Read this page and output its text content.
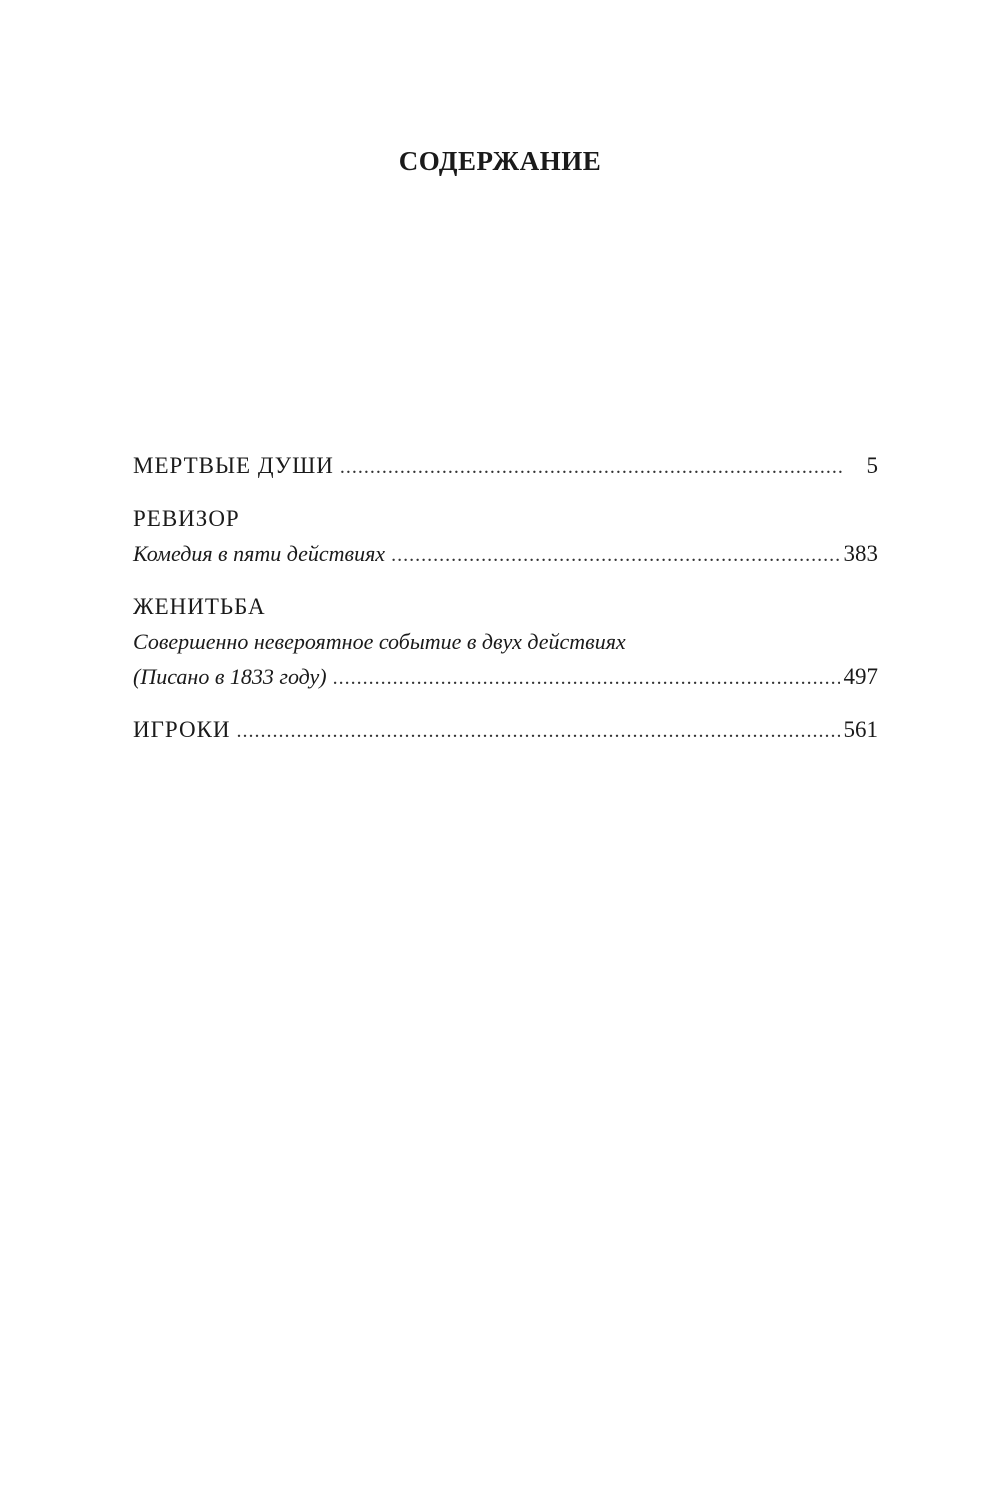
СОДЕРЖАНИЕ
МЕРТВЫЕ ДУШИ . . .	5
РЕВИЗОР
Комедия в пяти действиях . . .	383
ЖЕНИТЬБА
Совершенно невероятное событие в двух действиях
(Писано в 1833 году) . . .	497
ИГРОКИ . . .	561
